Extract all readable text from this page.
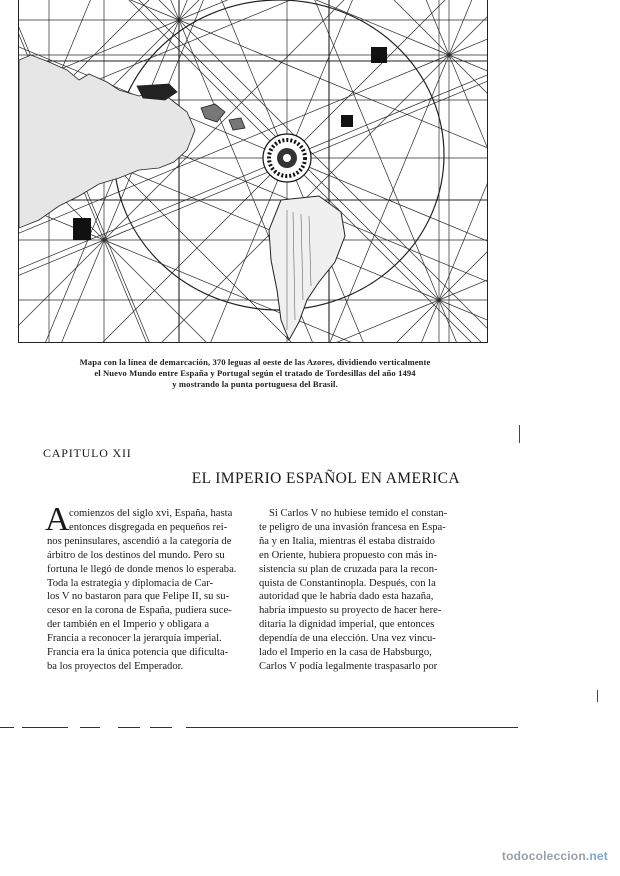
Mapa con la línea de demarcación, 370 leguas al oeste de las Azores, dividiendo verticalmente
el Nuevo Mundo entre España y Portugal según el tratado de Tordesillas del año 1494
y mostrando la punta portuguesa del Brasil.
CAPITULO XII
EL IMPERIO ESPAÑOL EN AMERICA
A comienzos del siglo xvi, España, hasta
entonces disgregada en pequeños rei-
nos peninsulares, ascendió a la categoría de
árbitro de los destinos del mundo. Pero su
fortuna le llegó de donde menos lo esperaba.
Toda la estrategia y diplomacia de Car-
los V no bastaron para que Felipe II, su su-
cesor en la corona de España, pudiera suce-
der también en el Imperio y obligara a
Francia a reconocer la jerarquía imperial.
Francia era la única potencia que dificulta-
ba los proyectos del Emperador.
Si Carlos V no hubiese temido el constan-
te peligro de una invasión francesa en Espa-
ña y en Italia, mientras él estaba distraído
en Oriente, hubiera propuesto con más in-
sistencia su plan de cruzada para la recon-
quista de Constantinopla. Después, con la
autoridad que le habría dado esta hazaña,
habría impuesto su proyecto de hacer here-
ditaria la dignidad imperial, que entonces
dependía de una elección. Una vez vincu-
lado el Imperio en la casa de Habsburgo,
Carlos V podía legalmente traspasarlo por
todocoleccion.net
